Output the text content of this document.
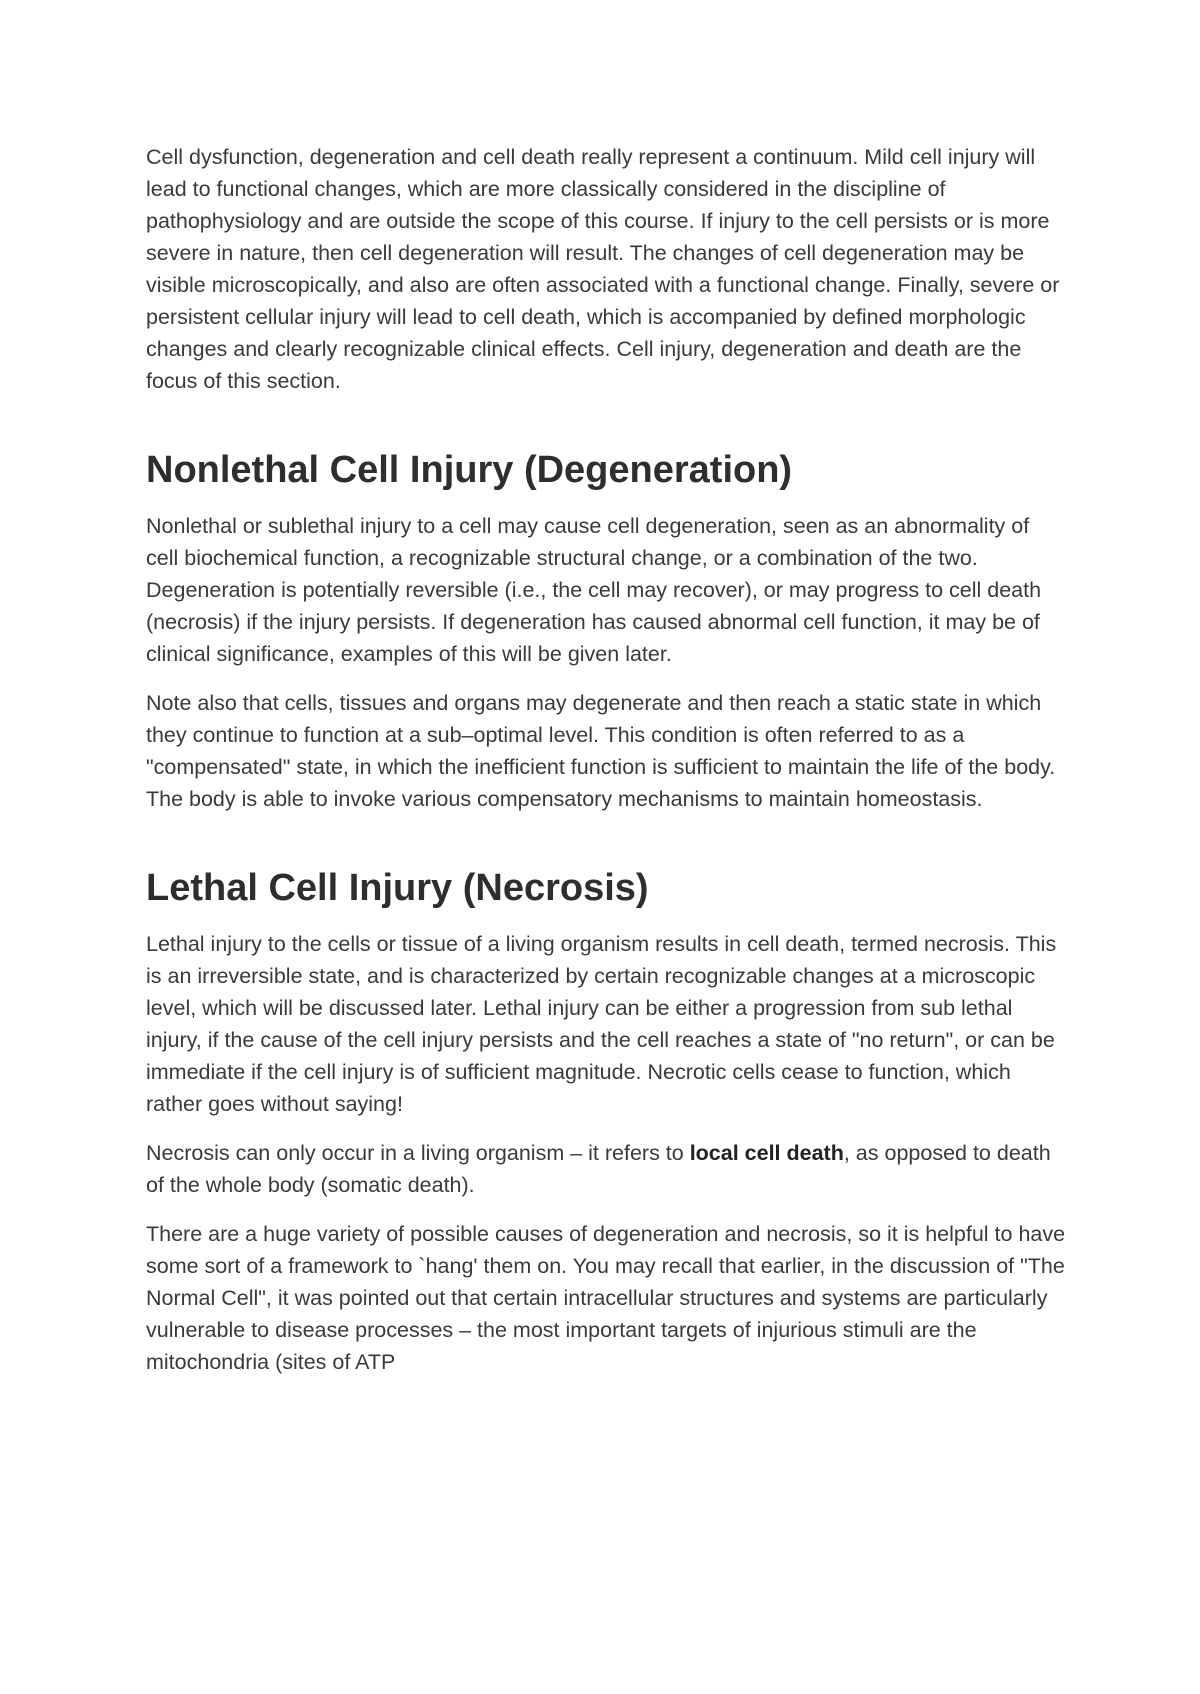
Cell dysfunction, degeneration and cell death really represent a continuum. Mild cell injury will lead to functional changes, which are more classically considered in the discipline of pathophysiology and are outside the scope of this course. If injury to the cell persists or is more severe in nature, then cell degeneration will result. The changes of cell degeneration may be visible microscopically, and also are often associated with a functional change. Finally, severe or persistent cellular injury will lead to cell death, which is accompanied by defined morphologic changes and clearly recognizable clinical effects. Cell injury, degeneration and death are the focus of this section.

Nonlethal Cell Injury (Degeneration)

Nonlethal or sublethal injury to a cell may cause cell degeneration, seen as an abnormality of cell biochemical function, a recognizable structural change, or a combination of the two. Degeneration is potentially reversible (i.e., the cell may recover), or may progress to cell death (necrosis) if the injury persists. If degeneration has caused abnormal cell function, it may be of clinical significance, examples of this will be given later.

Note also that cells, tissues and organs may degenerate and then reach a static state in which they continue to function at a sub–optimal level. This condition is often referred to as a "compensated" state, in which the inefficient function is sufficient to maintain the life of the body. The body is able to invoke various compensatory mechanisms to maintain homeostasis.

Lethal Cell Injury (Necrosis)

Lethal injury to the cells or tissue of a living organism results in cell death, termed necrosis. This is an irreversible state, and is characterized by certain recognizable changes at a microscopic level, which will be discussed later. Lethal injury can be either a progression from sub lethal injury, if the cause of the cell injury persists and the cell reaches a state of "no return", or can be immediate if the cell injury is of sufficient magnitude. Necrotic cells cease to function, which rather goes without saying!

Necrosis can only occur in a living organism – it refers to local cell death, as opposed to death of the whole body (somatic death).

There are a huge variety of possible causes of degeneration and necrosis, so it is helpful to have some sort of a framework to `hang' them on. You may recall that earlier, in the discussion of "The Normal Cell", it was pointed out that certain intracellular structures and systems are particularly vulnerable to disease processes – the most important targets of injurious stimuli are the mitochondria (sites of ATP
